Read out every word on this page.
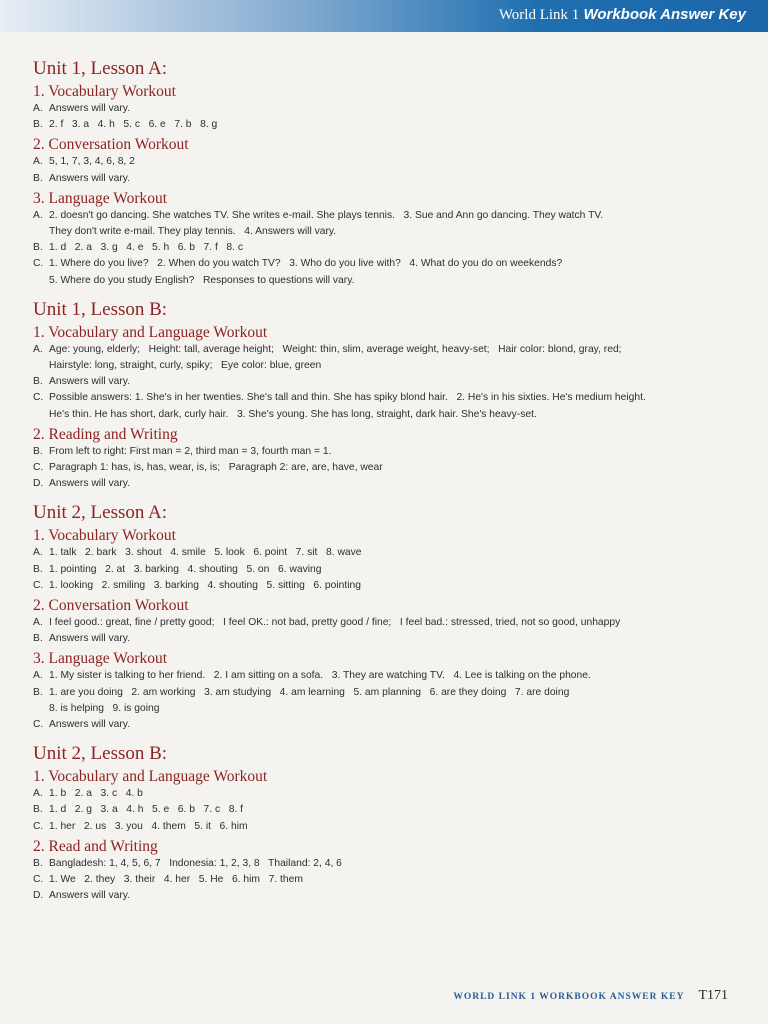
World Link 1 Workbook Answer Key
Unit 1, Lesson A:
1. Vocabulary Workout
A. Answers will vary.
B. 2. f   3. a   4. h   5. c   6. e   7. b   8. g
2. Conversation Workout
A. 5, 1, 7, 3, 4, 6, 8, 2
B. Answers will vary.
3. Language Workout
A. 2. doesn't go dancing. She watches TV. She writes e-mail. She plays tennis.   3. Sue and Ann go dancing. They watch TV.
They don't write e-mail. They play tennis.   4. Answers will vary.
B. 1. d   2. a   3. g   4. e   5. h   6. b   7. f   8. c
C. 1. Where do you live?   2. When do you watch TV?   3. Who do you live with?   4. What do you do on weekends?
5. Where do you study English?   Responses to questions will vary.
Unit 1, Lesson B:
1. Vocabulary and Language Workout
A. Age: young, elderly;   Height: tall, average height;   Weight: thin, slim, average weight, heavy-set;   Hair color: blond, gray, red;
Hairstyle: long, straight, curly, spiky;   Eye color: blue, green
B. Answers will vary.
C. Possible answers: 1. She's in her twenties. She's tall and thin. She has spiky blond hair.   2. He's in his sixties. He's medium height.
He's thin. He has short, dark, curly hair.   3. She's young. She has long, straight, dark hair. She's heavy-set.
2. Reading and Writing
B. From left to right: First man = 2, third man = 3, fourth man = 1.
C. Paragraph 1: has, is, has, wear, is, is;   Paragraph 2: are, are, have, wear
D. Answers will vary.
Unit 2, Lesson A:
1. Vocabulary Workout
A. 1. talk   2. bark   3. shout   4. smile   5. look   6. point   7. sit   8. wave
B. 1. pointing   2. at   3. barking   4. shouting   5. on   6. waving
C. 1. looking   2. smiling   3. barking   4. shouting   5. sitting   6. pointing
2. Conversation Workout
A. I feel good.: great, fine / pretty good;   I feel OK.: not bad, pretty good / fine;   I feel bad.: stressed, tried, not so good, unhappy
B. Answers will vary.
3. Language Workout
A. 1. My sister is talking to her friend.   2. I am sitting on a sofa.   3. They are watching TV.   4. Lee is talking on the phone.
B. 1. are you doing   2. am working   3. am studying   4. am learning   5. am planning   6. are they doing   7. are doing
8. is helping   9. is going
C. Answers will vary.
Unit 2, Lesson B:
1. Vocabulary and Language Workout
A. 1. b   2. a   3. c   4. b
B. 1. d   2. g   3. a   4. h   5. e   6. b   7. c   8. f
C. 1. her   2. us   3. you   4. them   5. it   6. him
2. Read and Writing
B. Bangladesh: 1, 4, 5, 6, 7   Indonesia: 1, 2, 3, 8   Thailand: 2, 4, 6
C. 1. We   2. they   3. their   4. her   5. He   6. him   7. them
D. Answers will vary.
WORLD LINK 1 WORKBOOK ANSWER KEY T171
